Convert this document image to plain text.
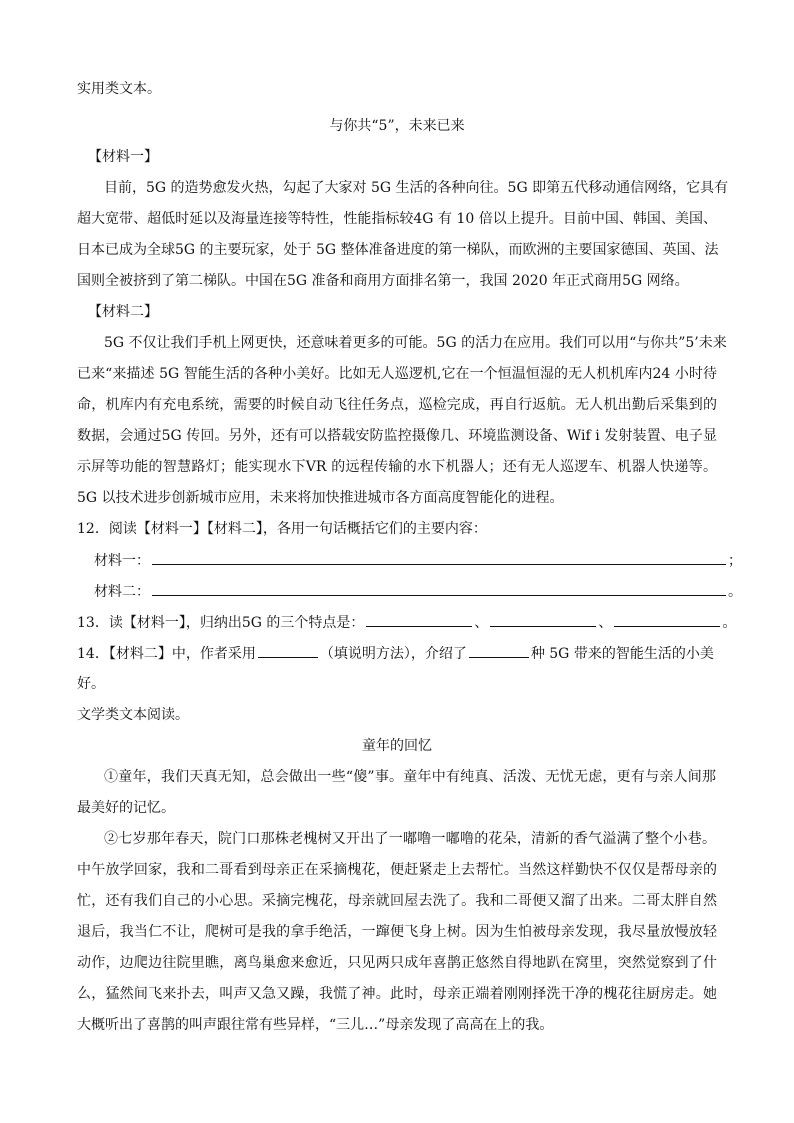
实用类文本。
与你共“5”，未来已来
【材料一】
目前，5G 的造势愈发火热，勾起了大家对 5G 生活的各种向往。5G 即第五代移动通信网络，它具有
超大宽带、超低时延以及海量连接等特性，性能指标较4G 有 10 倍以上提升。目前中国、韩国、美国、
日本已成为全球5G 的主要玩家，处于 5G 整体准备进度的第一梯队，而欧洲的主要国家德国、英国、法
国则全被挤到了第二梯队。中国在5G 准备和商用方面排名第一，我国 2020 年正式商用5G 网络。
【材料二】
5G 不仅让我们手机上网更快，还意味着更多的可能。5G 的活力在应用。我们可以用“与你共”5’未来
已来“来描述 5G 智能生活的各种小美好。比如无人巡逻机,它在一个恒温恒湿的无人机机库内24 小时待
命，机库内有充电系统，需要的时候自动飞往任务点，巡检完成，再自行返航。无人机出勤后采集到的
数据，会通过5G 传回。另外，还有可以搭载安防监控摄像几、环境监测设备、Wif i 发射装置、电子显
示屏等功能的智慧路灯；能实现水下VR 的远程传输的水下机器人；还有无人巡逻车、机器人快递等。
5G 以技术进步创新城市应用，未来将加快推进城市各方面高度智能化的进程。
12．阅读【材料一】【材料二】，各用一句话概括它们的主要内容：
材料一：	；
材料二：	。
13．读【材料一】，归纳出5G 的三个特点是：	、	、	。
14．【材料二】中，作者采用	（填说明方法），介绍了	种 5G 带来的智能生活的小美
好。
文学类文本阅读。
童年的回忆
①童年，我们天真无知，总会做出一些“傻”事。童年中有纯真、活泼、无忧无虑，更有与亲人间那
最美好的记忆。
②七岁那年春天，院门口那株老槐树又开出了一嘟噜一嘟噜的花朵，清新的香气溢满了整个小巷。
中午放学回家，我和二哥看到母亲正在采摘槐花，便赶紧走上去帮忙。当然这样勤快不仅仅是帮母亲的
忙，还有我们自己的小心思。采摘完槐花，母亲就回屋去洗了。我和二哥便又溜了出来。二哥太胖自然
退后，我当仁不让，爬树可是我的拿手绝活，一蹿便飞身上树。因为生怕被母亲发现，我尽量放慢放轻
动作，边爬边往院里瞧，离鸟巢愈来愈近，只见两只成年喜鹊正悠然自得地趴在窝里，突然觉察到了什
么，猛然间飞来扑去，叫声又急又躁，我慌了神。此时，母亲正端着刚刚择洗干净的槐花往厨房走。她
大概听出了喜鹊的叫声跟往常有些异样，“三儿…”母亲发现了高高在上的我。
